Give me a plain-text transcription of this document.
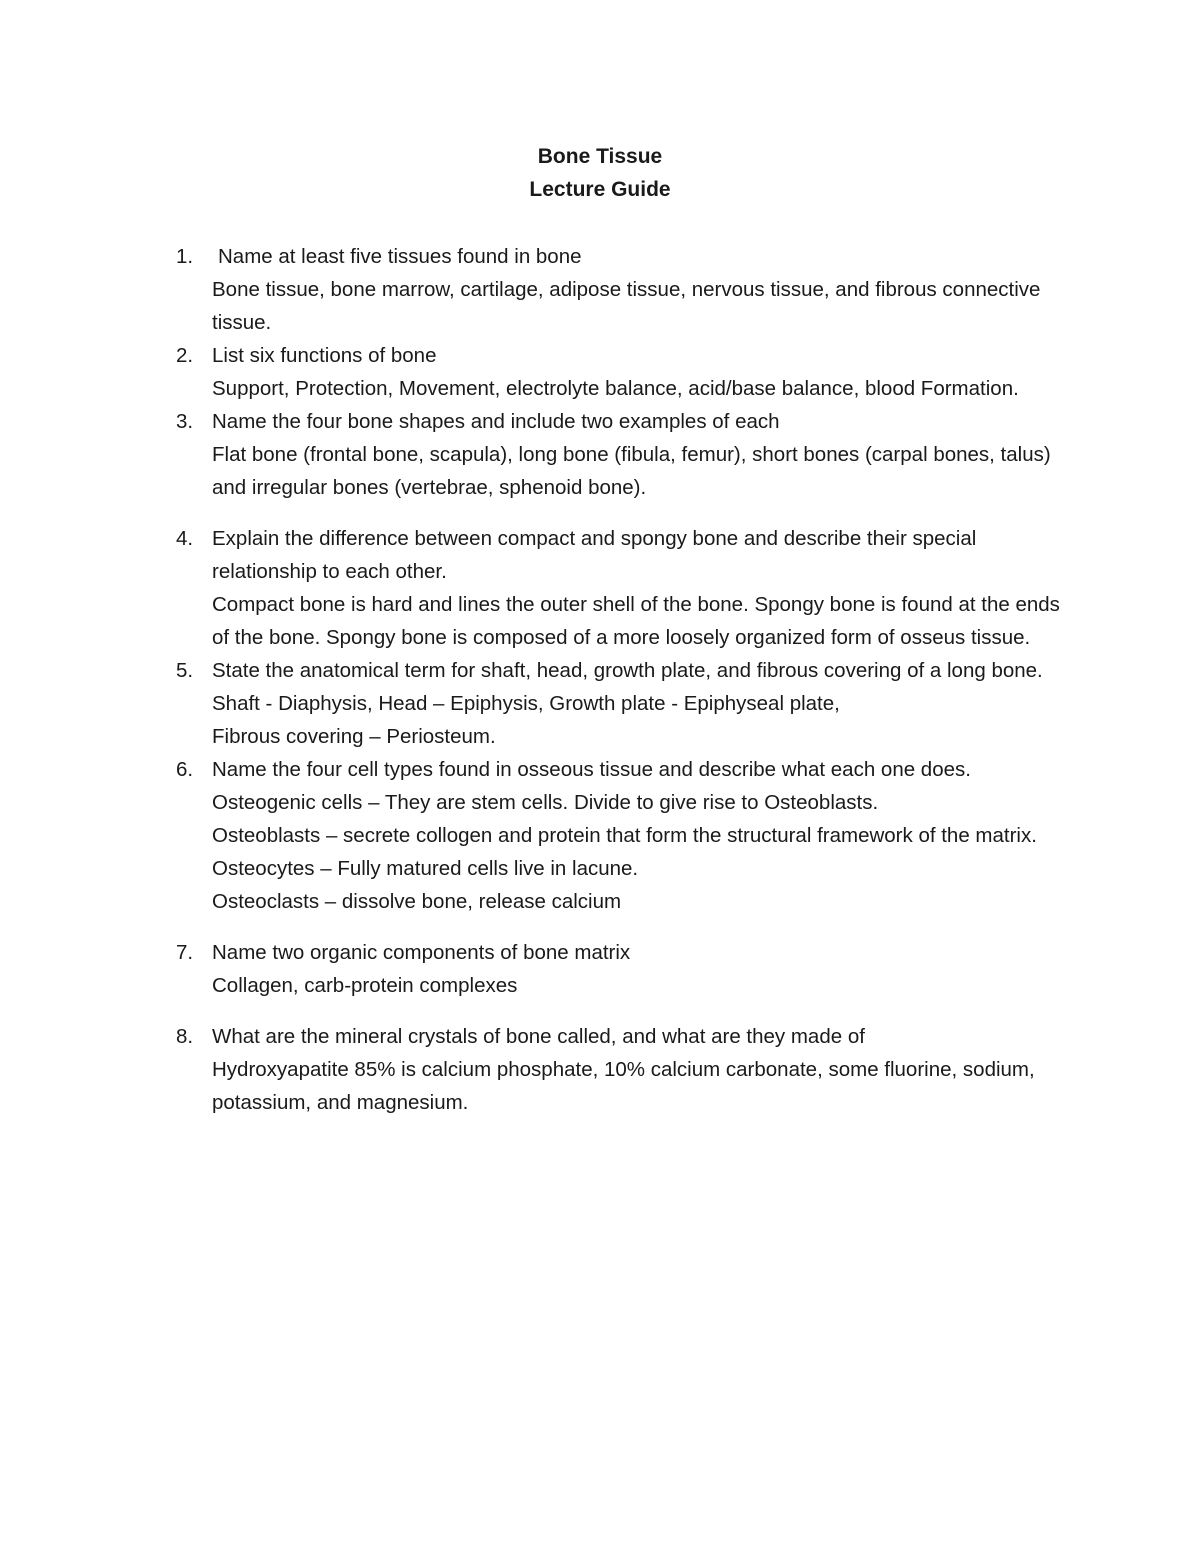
Bone Tissue
Lecture Guide
1.	Name at least five tissues found in bone
Bone tissue, bone marrow, cartilage, adipose tissue, nervous tissue, and fibrous connective tissue.
2. List six functions of bone
Support, Protection, Movement, electrolyte balance, acid/base balance, blood Formation.
3. Name the four bone shapes and include two examples of each
Flat bone (frontal bone, scapula), long bone (fibula, femur), short bones (carpal bones, talus) and irregular bones (vertebrae, sphenoid bone).
4. Explain the difference between compact and spongy bone and describe their special relationship to each other.
Compact bone is hard and lines the outer shell of the bone. Spongy bone is found at the ends of the bone. Spongy bone is composed of a more loosely organized form of osseus tissue.
5. State the anatomical term for shaft, head, growth plate, and fibrous covering of a long bone.
Shaft - Diaphysis, Head – Epiphysis, Growth plate - Epiphyseal plate,
Fibrous covering – Periosteum.
6. Name the four cell types found in osseous tissue and describe what each one does.
Osteogenic cells – They are stem cells. Divide to give rise to Osteoblasts.
Osteoblasts – secrete collogen and protein that form the structural framework of the matrix.
Osteocytes – Fully matured cells live in lacune.
Osteoclasts – dissolve bone, release calcium
7. Name two organic components of bone matrix
Collagen, carb-protein complexes
8. What are the mineral crystals of bone called, and what are they made of
Hydroxyapatite 85% is calcium phosphate, 10% calcium carbonate, some fluorine, sodium, potassium, and magnesium.
